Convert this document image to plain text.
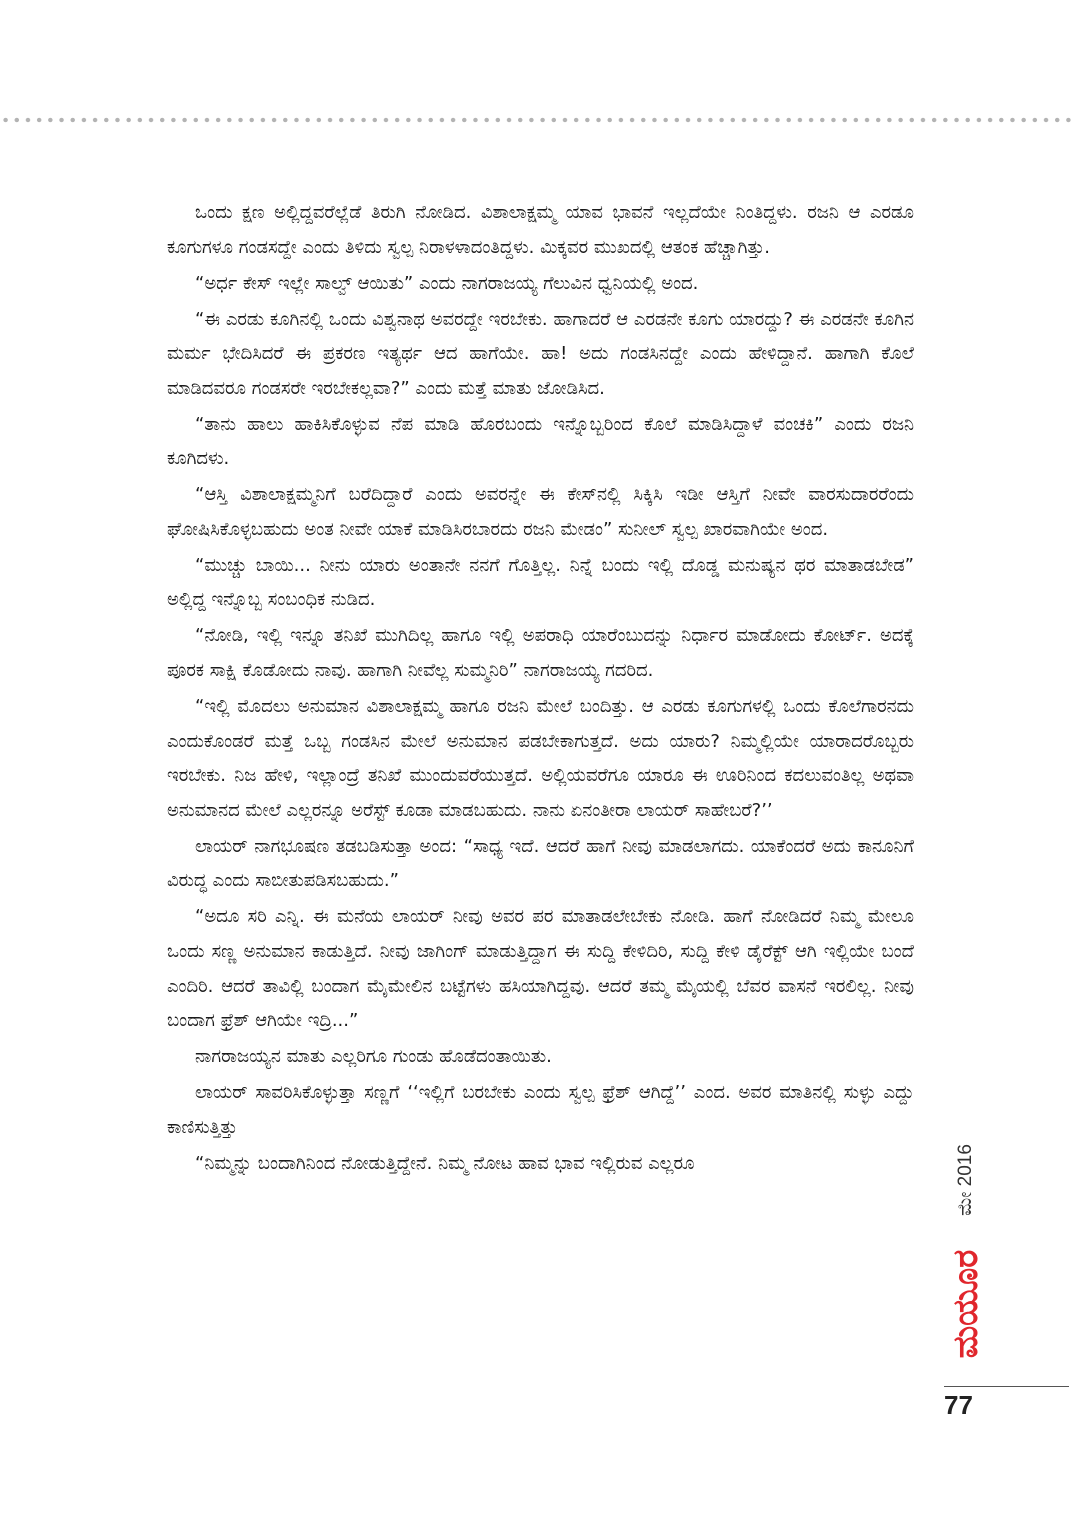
ಒಂದು ಕ್ಷಣ ಅಲ್ಲಿದ್ದವರೆಲ್ಲೆಡೆ ತಿರುಗಿ ನೋಡಿದ. ವಿಶಾಲಾಕ್ಷಮ್ಮ ಯಾವ ಭಾವನೆ ಇಲ್ಲದೆಯೇ ನಿಂತಿದ್ದಳು. ರಜನಿ ಆ ಎರಡೂ ಕೂಗುಗಳೂ ಗಂಡಸದ್ದೇ ಎಂದು ತಿಳಿದು ಸ್ವಲ್ಪ ನಿರಾಳಳಾದಂತಿದ್ದಳು. ಮಿಕ್ಕವರ ಮುಖದಲ್ಲಿ ಆತಂಕ ಹೆಚ್ಚಾಗಿತ್ತು.

“ಅರ್ಧ ಕೇಸ್ ಇಲ್ಲೇ ಸಾಲ್ವ್ ಆಯಿತು” ಎಂದು ನಾಗರಾಜಯ್ಯ ಗೆಲುವಿನ ಧ್ವನಿಯಲ್ಲಿ ಅಂದ.

“ಈ ಎರಡು ಕೂಗಿನಲ್ಲಿ ಒಂದು ವಿಶ್ವನಾಥ ಅವರದ್ದೇ ಇರಬೇಕು. ಹಾಗಾದರೆ ಆ ಎರಡನೇ ಕೂಗು ಯಾರದ್ದು? ಈ ಎರಡನೇ ಕೂಗಿನ ಮರ್ಮ ಭೇದಿಸಿದರೆ ಈ ಪ್ರಕರಣ ಇತ್ಯರ್ಥ ಆದ ಹಾಗೆಯೇ. ಹಾ! ಅದು ಗಂಡಸಿನದ್ದೇ ಎಂದು ಹೇಳಿದ್ದಾನೆ. ಹಾಗಾಗಿ ಕೊಲೆ ಮಾಡಿದವರೂ ಗಂಡಸರೇ ಇರಬೇಕಲ್ಲವಾ?” ಎಂದು ಮತ್ತೆ ಮಾತು ಜೋಡಿಸಿದ.

“ತಾನು ಹಾಲು ಹಾಕಿಸಿಕೊಳ್ಳುವ ನೆಪ ಮಾಡಿ ಹೊರಬಂದು ಇನ್ನೊಬ್ಬರಿಂದ ಕೊಲೆ ಮಾಡಿಸಿದ್ದಾಳೆ ವಂಚಕಿ” ಎಂದು ರಜನಿ ಕೂಗಿದಳು.

“ಆಸ್ತಿ ವಿಶಾಲಾಕ್ಷಮ್ಮನಿಗೆ ಬರೆದಿದ್ದಾರೆ ಎಂದು ಅವರನ್ನೇ ಈ ಕೇಸ್‌ನಲ್ಲಿ ಸಿಕ್ಕಿಸಿ ಇಡೀ ಆಸ್ತಿಗೆ ನೀವೇ ವಾರಸುದಾರರೆಂದು ಘೋಷಿಸಿಕೊಳ್ಳಬಹುದು ಅಂತ ನೀವೇ ಯಾಕೆ ಮಾಡಿಸಿರಬಾರದು ರಜನಿ ಮೇಡಂ” ಸುನೀಲ್ ಸ್ವಲ್ಪ ಖಾರವಾಗಿಯೇ ಅಂದ.

“ಮುಚ್ಚು ಬಾಯಿ... ನೀನು ಯಾರು ಅಂತಾನೇ ನನಗೆ ಗೊತ್ತಿಲ್ಲ. ನಿನ್ನೆ ಬಂದು ಇಲ್ಲಿ ದೊಡ್ಡ ಮನುಷ್ಯನ ಥರ ಮಾತಾಡಬೇಡ” ಅಲ್ಲಿದ್ದ ಇನ್ನೊಬ್ಬ ಸಂಬಂಧಿಕ ನುಡಿದ.

“ನೋಡಿ, ಇಲ್ಲಿ ಇನ್ನೂ ತನಿಖೆ ಮುಗಿದಿಲ್ಲ ಹಾಗೂ ಇಲ್ಲಿ ಅಪರಾಧಿ ಯಾರೆಂಬುದನ್ನು ನಿರ್ಧಾರ ಮಾಡೋದು ಕೋರ್ಟ್. ಅದಕ್ಕೆ ಪೂರಕ ಸಾಕ್ಷಿ ಕೊಡೋದು ನಾವು. ಹಾಗಾಗಿ ನೀವೆಲ್ಲ ಸುಮ್ಮನಿರಿ” ನಾಗರಾಜಯ್ಯ ಗದರಿದ.

“ಇಲ್ಲಿ ಮೊದಲು ಅನುಮಾನ ವಿಶಾಲಾಕ್ಷಮ್ಮ ಹಾಗೂ ರಜನಿ ಮೇಲೆ ಬಂದಿತ್ತು. ಆ ಎರಡು ಕೂಗುಗಳಲ್ಲಿ ಒಂದು ಕೊಲೆಗಾರನದು ಎಂದುಕೊಂಡರೆ ಮತ್ತೆ ಒಬ್ಬ ಗಂಡಸಿನ ಮೇಲೆ ಅನುಮಾನ ಪಡಬೇಕಾಗುತ್ತದೆ. ಅದು ಯಾರು? ನಿಮ್ಮಲ್ಲಿಯೇ ಯಾರಾದರೊಬ್ಬರು ಇರಬೇಕು. ನಿಜ ಹೇಳಿ, ಇಲ್ಲಾಂದ್ರೆ ತನಿಖೆ ಮುಂದುವರೆಯುತ್ತದೆ. ಅಲ್ಲಿಯವರೆಗೂ ಯಾರೂ ಈ ಊರಿನಿಂದ ಕದಲುವಂತಿಲ್ಲ ಅಥವಾ ಅನುಮಾನದ ಮೇಲೆ ಎಲ್ಲರನ್ನೂ ಅರೆಸ್ಟ್ ಕೂಡಾ ಮಾಡಬಹುದು. ನಾನು ಏನಂತೀರಾ ಲಾಯರ್ ಸಾಹೇಬರೆ?’’

ಲಾಯರ್ ನಾಗಭೂಷಣ ತಡಬಡಿಸುತ್ತಾ ಅಂದ: “ಸಾಧ್ಯ ಇದೆ. ಆದರೆ ಹಾಗೆ ನೀವು ಮಾಡಲಾಗದು. ಯಾಕೆಂದರೆ ಅದು ಕಾನೂನಿಗೆ ವಿರುದ್ಧ ಎಂದು ಸಾಬೀತುಪಡಿಸಬಹುದು.”

“ಅದೂ ಸರಿ ಎನ್ನಿ. ಈ ಮನೆಯ ಲಾಯರ್ ನೀವು ಅವರ ಪರ ಮಾತಾಡಲೇಬೇಕು ನೋಡಿ. ಹಾಗೆ ನೋಡಿದರೆ ನಿಮ್ಮ ಮೇಲೂ ಒಂದು ಸಣ್ಣ ಅನುಮಾನ ಕಾಡುತ್ತಿದೆ. ನೀವು ಜಾಗಿಂಗ್ ಮಾಡುತ್ತಿದ್ದಾಗ ಈ ಸುದ್ದಿ ಕೇಳಿದಿರಿ, ಸುದ್ದಿ ಕೇಳಿ ಡೈರೆಕ್ಟ್ ಆಗಿ ಇಲ್ಲಿಯೇ ಬಂದೆ ಎಂದಿರಿ. ಆದರೆ ತಾವಿಲ್ಲಿ ಬಂದಾಗ ಮೈಮೇಲಿನ ಬಟ್ಟೆಗಳು ಹಸಿಯಾಗಿದ್ದವು. ಆದರೆ ತಮ್ಮ ಮೈಯಲ್ಲಿ ಬೆವರ ವಾಸನೆ ಇರಲಿಲ್ಲ. ನೀವು ಬಂದಾಗ ಫ್ರೆಶ್ ಆಗಿಯೇ ಇದ್ರಿ...”

ನಾಗರಾಜಯ್ಯನ ಮಾತು ಎಲ್ಲರಿಗೂ ಗುಂಡು ಹೊಡೆದಂತಾಯಿತು.

ಲಾಯರ್ ಸಾವರಿಸಿಕೊಳ್ಳುತ್ತಾ ಸಣ್ಣಗೆ ‘‘ಇಲ್ಲಿಗೆ ಬರಬೇಕು ಎಂದು ಸ್ವಲ್ಪ ಫ್ರೆಶ್ ಆಗಿದ್ದೆ’’ ಎಂದ. ಅವರ ಮಾತಿನಲ್ಲಿ ಸುಳ್ಳು ಎದ್ದು ಕಾಣಿಸುತ್ತಿತ್ತು

“ನಿಮ್ಮನ್ನು ಬಂದಾಗಿನಿಂದ ನೋಡುತ್ತಿದ್ದೇನೆ. ನಿಮ್ಮ ನೋಟ ಹಾವ ಭಾವ ಇಲ್ಲಿರುವ ಎಲ್ಲರೂ	ಮೇ 2016
ಮಯೂರ
77
